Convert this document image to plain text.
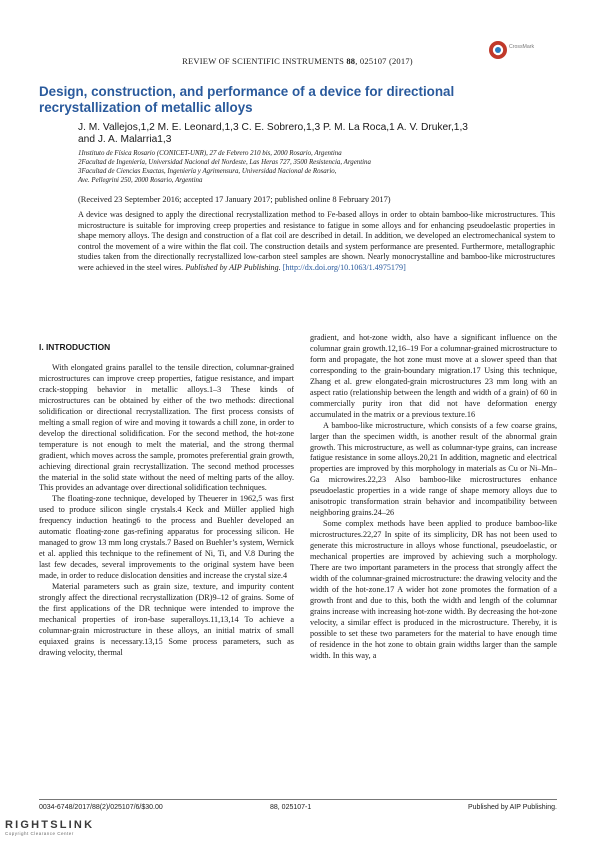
REVIEW OF SCIENTIFIC INSTRUMENTS 88, 025107 (2017)
CrossMark
Design, construction, and performance of a device for directional recrystallization of metallic alloys
J. M. Vallejos,1,2 M. E. Leonard,1,3 C. E. Sobrero,1,3 P. M. La Roca,1 A. V. Druker,1,3
and J. A. Malarria1,3
1Instituto de Física Rosario (CONICET-UNR), 27 de Febrero 210 bis, 2000 Rosario, Argentina
2Facultad de Ingeniería, Universidad Nacional del Nordeste, Las Heras 727, 3500 Resistencia, Argentina
3Facultad de Ciencias Exactas, Ingeniería y Agrimensura, Universidad Nacional de Rosario,
Ave. Pellegrini 250, 2000 Rosario, Argentina
(Received 23 September 2016; accepted 17 January 2017; published online 8 February 2017)
A device was designed to apply the directional recrystallization method to Fe-based alloys in order to obtain bamboo-like microstructures. This microstructure is suitable for improving creep properties and resistance to fatigue in some alloys and for enhancing pseudoelastic properties in shape memory alloys. The design and construction of a flat coil are described in detail. In addition, we developed an electromechanical system to control the movement of a wire within the flat coil. The construction details and system performance are presented. Furthermore, metallographic studies taken from the directionally recrystallized low-carbon steel samples are shown. Nearly monocrystalline and bamboo-like microstructures were achieved in the steel wires. Published by AIP Publishing. [http://dx.doi.org/10.1063/1.4975179]
I. INTRODUCTION

With elongated grains parallel to the tensile direction, columnar-grained microstructures can improve creep properties, fatigue resistance, and impart crack-stopping behavior in metallic alloys.1–3 These kinds of microstructures can be obtained by either of the two methods: directional solidification or directional recrystallization. The first process consists of melting a small region of wire and moving it towards a chill zone, in order to develop the directional solidification. For the second method, the hot-zone temperature is not enough to melt the material, and the strong thermal gradient, which moves across the sample, promotes preferential grain growth, achieving directional grain recrystallization. The second method processes the material in the solid state without the need of melting parts of the alloy. This provides an advantage over directional solidification techniques.

The floating-zone technique, developed by Theuerer in 1962,5 was first used to produce silicon single crystals.4 Keck and Müller applied high frequency induction heating6 to the process and Buehler developed an automatic floating-zone gas-refining apparatus for processing silicon. He managed to grow 13 mm long crystals.7 Based on Buehler’s system, Wernick et al. applied this technique to the refinement of Ni, Ti, and V.8 During the last few decades, several improvements to the original system have been made, in order to reduce dislocation densities and increase the crystal size.4

Material parameters such as grain size, texture, and impurity content strongly affect the directional recrystallization (DR)9–12 of grains. Some of the first applications of the DR technique were intended to improve the mechanical properties of iron-base superalloys.11,13,14 To achieve a columnar-grain microstructure in these alloys, an initial matrix of small equiaxed grains is necessary.13,15 Some process parameters, such as drawing velocity, thermal

gradient, and hot-zone width, also have a significant influence on the columnar grain growth.12,16–19 For a columnar-grained microstructure to form and propagate, the hot zone must move at a slower speed than that corresponding to the grain-boundary migration.17 Using this technique, Zhang et al. grew elongated-grain microstructures 23 mm long with an aspect ratio (relationship between the length and width of a grain) of 60 in commercially purity iron that did not have deformation energy accumulated in the matrix or a previous texture.16

A bamboo-like microstructure, which consists of a few coarse grains, larger than the specimen width, is another result of the abnormal grain growth. This microstructure, as well as columnar-type grains, can increase fatigue resistance in some alloys.20,21 In addition, magnetic and electrical properties are improved by this morphology in materials as Cu or Ni–Mn–Ga microwires.22,23 Also bamboo-like microstructures enhance pseudoelastic properties in a wide range of shape memory alloys due to anisotropic transformation strain behavior and incompatibility between neighboring grains.24–26

Some complex methods have been applied to produce bamboo-like microstructures.22,27 In spite of its simplicity, DR has not been used to generate this microstructure in alloys whose functional, pseudoelastic, or mechanical properties are improved by achieving such a morphology. There are two important parameters in the process that strongly affect the width of the columnar-grained microstructure: the drawing velocity and the width of the hot-zone.17 A wider hot zone promotes the formation of a growth front and due to this, both the width and length of the columnar grains increase with increasing hot-zone width. By decreasing the hot-zone velocity, a similar effect is produced in the microstructure. Thereby, it is possible to set these two parameters for the material to have enough time of residence in the hot zone to obtain grain widths larger than the sample width. In this way, a

0034-6748/2017/88(2)/025107/6/$30.00	88, 025107-1	Published by AIP Publishing.
RIGHTSLINK
Copyright Clearance Center
